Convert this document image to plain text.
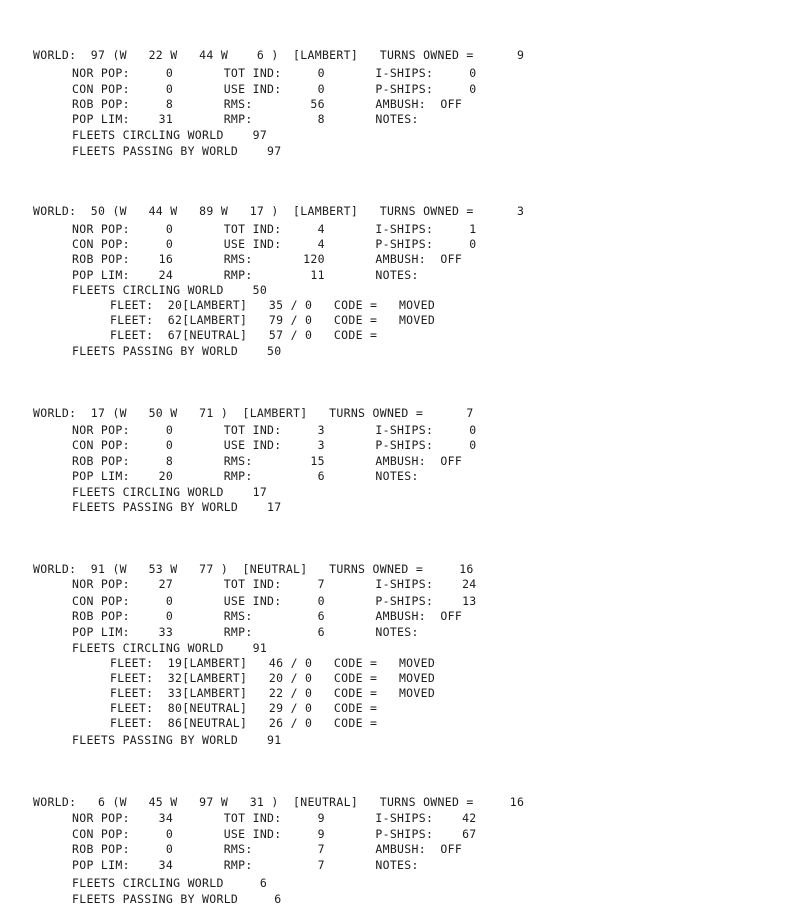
WORLD:  97 (W   22 W   44 W    6 )  [LAMBERT]   TURNS OWNED =      9
NOR POP:     0       TOT IND:     0       I-SHIPS:     0
CON POP:     0       USE IND:     0       P-SHIPS:     0
ROB POP:     8       RMS:        56       AMBUSH:  OFF
POP LIM:    31       RMP:         8       NOTES:
FLEETS CIRCLING WORLD    97
FLEETS PASSING BY WORLD    97
WORLD:  50 (W   44 W   89 W   17 )  [LAMBERT]   TURNS OWNED =      3
NOR POP:     0       TOT IND:     4       I-SHIPS:     1
CON POP:     0       USE IND:     4       P-SHIPS:     0
ROB POP:    16       RMS:       120       AMBUSH:  OFF
POP LIM:    24       RMP:        11       NOTES:
FLEETS CIRCLING WORLD    50
FLEET:  20[LAMBERT]   35 / 0   CODE =   MOVED
FLEET:  62[LAMBERT]   79 / 0   CODE =   MOVED
FLEET:  67[NEUTRAL]   57 / 0   CODE =
FLEETS PASSING BY WORLD    50
WORLD:  17 (W   50 W   71 )  [LAMBERT]   TURNS OWNED =      7
NOR POP:     0       TOT IND:     3       I-SHIPS:     0
CON POP:     0       USE IND:     3       P-SHIPS:     0
ROB POP:     8       RMS:        15       AMBUSH:  OFF
POP LIM:    20       RMP:         6       NOTES:
FLEETS CIRCLING WORLD    17
FLEETS PASSING BY WORLD    17
WORLD:  91 (W   53 W   77 )  [NEUTRAL]   TURNS OWNED =     16
NOR POP:    27       TOT IND:     7       I-SHIPS:    24
CON POP:     0       USE IND:     0       P-SHIPS:    13
ROB POP:     0       RMS:         6       AMBUSH:  OFF
POP LIM:    33       RMP:         6       NOTES:
FLEETS CIRCLING WORLD    91
FLEET:  19[LAMBERT]   46 / 0   CODE =   MOVED
FLEET:  32[LAMBERT]   20 / 0   CODE =   MOVED
FLEET:  33[LAMBERT]   22 / 0   CODE =   MOVED
FLEET:  80[NEUTRAL]   29 / 0   CODE =
FLEET:  86[NEUTRAL]   26 / 0   CODE =
FLEETS PASSING BY WORLD    91
WORLD:   6 (W   45 W   97 W   31 )  [NEUTRAL]   TURNS OWNED =     16
NOR POP:    34       TOT IND:     9       I-SHIPS:    42
CON POP:     0       USE IND:     9       P-SHIPS:    67
ROB POP:     0       RMS:         7       AMBUSH:  OFF
POP LIM:    34       RMP:         7       NOTES:
FLEETS CIRCLING WORLD     6
FLEETS PASSING BY WORLD     6
